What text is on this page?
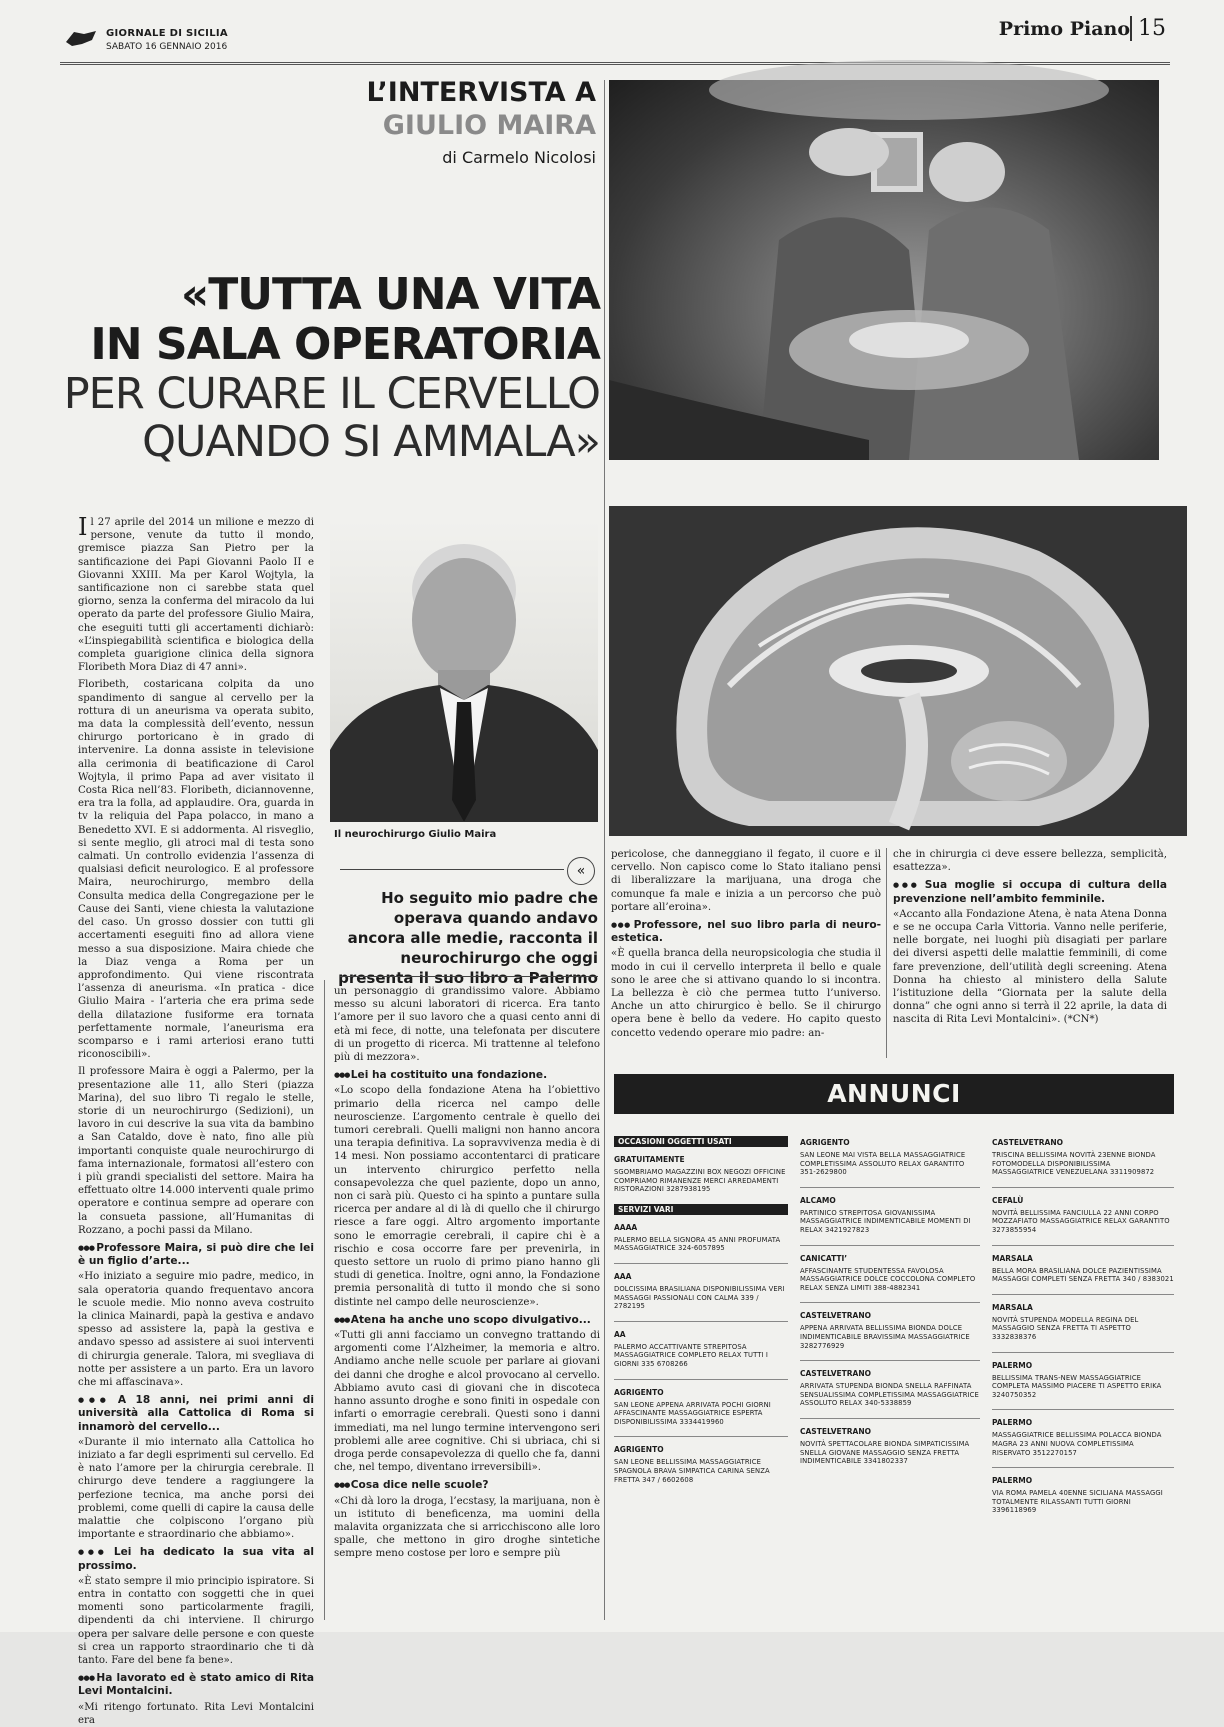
GIORNALE DI SICILIA
SABATO 16 GENNAIO 2016
Primo Piano 15
L’INTERVISTA A
GIULIO MAIRA
di Carmelo Nicolosi
«TUTTA UNA VITA
IN SALA OPERATORIA
PER CURARE IL CERVELLO
QUANDO SI AMMALA»
Il neurochirurgo Giulio Maira
«
Ho seguito mio padre che operava quando andavo ancora alle medie, racconta il neurochirurgo che oggi presenta il suo libro a Palermo

Il 27 aprile del 2014 un milione e mezzo di persone, venute da tutto il mondo, gremisce piazza San Pietro per la santificazione dei Papi Giovanni Paolo II e Giovanni XXIII. Ma per Karol Wojtyla, la santificazione non ci sarebbe stata quel giorno, senza la conferma del miracolo da lui operato da parte del professore Giulio Maira, che eseguiti tutti gli accertamenti dichiarò: «L’inspiegabilità scientifica e biologica della completa guarigione clinica della signora Floribeth Mora Diaz di 47 anni».

Floribeth, costaricana colpita da uno spandimento di sangue al cervello per la rottura di un aneurisma va operata subito, ma data la complessità dell’evento, nessun chirurgo portoricano è in grado di intervenire. La donna assiste in televisione alla cerimonia di beatificazione di Carol Wojtyla, il primo Papa ad aver visitato il Costa Rica nell’83. Floribeth, diciannovenne, era tra la folla, ad applaudire. Ora, guarda in tv la reliquia del Papa polacco, in mano a Benedetto XVI. E si addormenta. Al risveglio, si sente meglio, gli atroci mal di testa sono calmati. Un controllo evidenzia l’assenza di qualsiasi deficit neurologico. E al professore Maira, neurochirurgo, membro della Consulta medica della Congregazione per le Cause dei Santi, viene chiesta la valutazione del caso. Un grosso dossier con tutti gli accertamenti eseguiti fino ad allora viene messo a sua disposizione. Maira chiede che la Diaz venga a Roma per un approfondimento. Qui viene riscontrata l’assenza di aneurisma. «In pratica - dice Giulio Maira - l’arteria che era prima sede della dilatazione fusiforme era tornata perfettamente normale, l’aneurisma era scomparso e i rami arteriosi erano tutti riconoscibili».

Il professore Maira è oggi a Palermo, per la presentazione alle 11, allo Steri (piazza Marina), del suo libro Ti regalo le stelle, storie di un neurochirurgo (Sedizioni), un lavoro in cui descrive la sua vita da bambino a San Cataldo, dove è nato, fino alle più importanti conquiste quale neurochirurgo di fama internazionale, formatosi all’estero con i più grandi specialisti del settore. Maira ha effettuato oltre 14.000 interventi quale primo operatore e continua sempre ad operare con la consueta passione, all’Humanitas di Rozzano, a pochi passi da Milano.

●●● Professore Maira, si può dire che lei è un figlio d’arte...

«Ho iniziato a seguire mio padre, medico, in sala operatoria quando frequentavo ancora le scuole medie. Mio nonno aveva costruito la clinica Mainardi, papà la gestiva e andavo spesso ad assistere la, papà la gestiva e andavo spesso ad assistere ai suoi interventi di chirurgia generale. Talora, mi svegliava di notte per assistere a un parto. Era un lavoro che mi affascinava».

●●● A 18 anni, nei primi anni di università alla Cattolica di Roma si innamorò del cervello...

«Durante il mio internato alla Cattolica ho iniziato a far degli esprimenti sul cervello. Ed è nato l’amore per la chirurgia cerebrale. Il chirurgo deve tendere a raggiungere la perfezione tecnica, ma anche porsi dei problemi, come quelli di capire la causa delle malattie che colpiscono l’organo più importante e straordinario che abbiamo».

●●● Lei ha dedicato la sua vita al prossimo.

«È stato sempre il mio principio ispiratore. Si entra in contatto con soggetti che in quei momenti sono particolarmente fragili, dipendenti da chi interviene. Il chirurgo opera per salvare delle persone e con queste si crea un rapporto straordinario che ti dà tanto. Fare del bene fa bene».

●●● Ha lavorato ed è stato amico di Rita Levi Montalcini.

«Mi ritengo fortunato. Rita Levi Montalcini era

un personaggio di grandissimo valore. Abbiamo messo su alcuni laboratori di ricerca. Era tanto l’amore per il suo lavoro che a quasi cento anni di età mi fece, di notte, una telefonata per discutere di un progetto di ricerca. Mi trattenne al telefono più di mezzora».

●●● Lei ha costituito una fondazione.

«Lo scopo della fondazione Atena ha l’obiettivo primario della ricerca nel campo delle neuroscienze. L’argomento centrale è quello dei tumori cerebrali. Quelli maligni non hanno ancora una terapia definitiva. La sopravvivenza media è di 14 mesi. Non possiamo accontentarci di praticare un intervento chirurgico perfetto nella consapevolezza che quel paziente, dopo un anno, non ci sarà più. Questo ci ha spinto a puntare sulla ricerca per andare al di là di quello che il chirurgo riesce a fare oggi. Altro argomento importante sono le emorragie cerebrali, il capire chi è a rischio e cosa occorre fare per prevenirla, in questo settore un ruolo di primo piano hanno gli studi di genetica. Inoltre, ogni anno, la Fondazione premia personalità di tutto il mondo che si sono distinte nel campo delle neuroscienze».

●●● Atena ha anche uno scopo divulgativo...

«Tutti gli anni facciamo un convegno trattando di argomenti come l’Alzheimer, la memoria e altro. Andiamo anche nelle scuole per parlare ai giovani dei danni che droghe e alcol provocano al cervello. Abbiamo avuto casi di giovani che in discoteca hanno assunto droghe e sono finiti in ospedale con infarti o emorragie cerebrali. Questi sono i danni immediati, ma nel lungo termine intervengono seri problemi alle aree cognitive. Chi si ubriaca, chi si droga perde consapevolezza di quello che fa, danni che, nel tempo, diventano irreversibili».

●●● Cosa dice nelle scuole?

«Chi dà loro la droga, l’ecstasy, la marijuana, non è un istituto di beneficenza, ma uomini della malavita organizzata che si arricchiscono alle loro spalle, che mettono in giro droghe sintetiche sempre meno costose per loro e sempre più

pericolose, che danneggiano il fegato, il cuore e il cervello. Non capisco come lo Stato italiano pensi di liberalizzare la marijuana, una droga che comunque fa male e inizia a un percorso che può portare all’eroina».

●●● Professore, nel suo libro parla di neuro-estetica.

«È quella branca della neuropsicologia che studia il modo in cui il cervello interpreta il bello e quale sono le aree che si attivano quando lo si incontra. La bellezza è ciò che permea tutto l’universo. Anche un atto chirurgico è bello. Se il chirurgo opera bene è bello da vedere. Ho capito questo concetto vedendo operare mio padre: an-

che in chirurgia ci deve essere bellezza, semplicità, esattezza».

●●● Sua moglie si occupa di cultura della prevenzione nell’ambito femminile.

«Accanto alla Fondazione Atena, è nata Atena Donna e se ne occupa Carla Vittoria. Vanno nelle periferie, nelle borgate, nei luoghi più disagiati per parlare dei diversi aspetti delle malattie femminili, di come fare prevenzione, dell’utilità degli screening. Atena Donna ha chiesto al ministero della Salute l’istituzione della “Giornata per la salute della donna” che ogni anno si terrà il 22 aprile, la data di nascita di Rita Levi Montalcini». (*CN*)

ANNUNCI
OCCASIONI OGGETTI USATI
GRATUITAMENTE
SGOMBRIAMO MAGAZZINI BOX NEGOZI OFFICINE COMPRIAMO RIMANENZE MERCI ARREDAMENTI RISTORAZIONI 3287938195
SERVIZI VARI
AAAA
PALERMO BELLA SIGNORA 45 ANNI PROFUMATA MASSAGGIATRICE 324-6057895
AAA
DOLCISSIMA BRASILIANA DISPONIBILISSIMA VERI MASSAGGI PASSIONALI CON CALMA 339 / 2782195
AA
PALERMO ACCATTIVANTE STREPITOSA MASSAGGIATRICE COMPLETO RELAX TUTTI I GIORNI 335 6708266
AGRIGENTO
SAN LEONE APPENA ARRIVATA POCHI GIORNI AFFASCINANTE MASSAGGIATRICE ESPERTA DISPONIBILISSIMA 3334419960
AGRIGENTO
SAN LEONE BELLISSIMA MASSAGGIATRICE SPAGNOLA BRAVA SIMPATICA CARINA SENZA FRETTA 347 / 6602608
AGRIGENTO
SAN LEONE MAI VISTA BELLA MASSAGGIATRICE COMPLETISSIMA ASSOLUTO RELAX GARANTITO 351-2629800
ALCAMO
PARTINICO STREPITOSA GIOVANISSIMA MASSAGGIATRICE INDIMENTICABILE MOMENTI DI RELAX 3421927823
CANICATTI’
AFFASCINANTE STUDENTESSA FAVOLOSA MASSAGGIATRICE DOLCE COCCOLONA COMPLETO RELAX SENZA LIMITI 388-4882341
CASTELVETRANO
APPENA ARRIVATA BELLISSIMA BIONDA DOLCE INDIMENTICABILE BRAVISSIMA MASSAGGIATRICE 3282776929
CASTELVETRANO
ARRIVATA STUPENDA BIONDA SNELLA RAFFINATA SENSUALISSIMA COMPLETISSIMA MASSAGGIATRICE ASSOLUTO RELAX 340-5338859
CASTELVETRANO
NOVITÀ SPETTACOLARE BIONDA SIMPATICISSIMA SNELLA GIOVANE MASSAGGIO SENZA FRETTA INDIMENTICABILE 3341802337
CASTELVETRANO
TRISCINA BELLISSIMA NOVITÀ 23ENNE BIONDA FOTOMODELLA DISPONIBILISSIMA MASSAGGIATRICE VENEZUELANA 3311909872
CEFALÙ
NOVITÀ BELLISSIMA FANCIULLA 22 ANNI CORPO MOZZAFIATO MASSAGGIATRICE RELAX GARANTITO 3273855954
MARSALA
BELLA MORA BRASILIANA DOLCE PAZIENTISSIMA MASSAGGI COMPLETI SENZA FRETTA 340 / 8383021
MARSALA
NOVITÀ STUPENDA MODELLA REGINA DEL MASSAGGIO SENZA FRETTA TI ASPETTO 3332838376
PALERMO
BELLISSIMA TRANS-NEW MASSAGGIATRICE COMPLETA MASSIMO PIACERE TI ASPETTO ERIKA 3240750352
PALERMO
MASSAGGIATRICE BELLISSIMA POLACCA BIONDA MAGRA 23 ANNI NUOVA COMPLETISSIMA RISERVATO 3512270157
PALERMO
VIA ROMA PAMELA 40ENNE SICILIANA MASSAGGI TOTALMENTE RILASSANTI TUTTI GIORNI 3396118969
